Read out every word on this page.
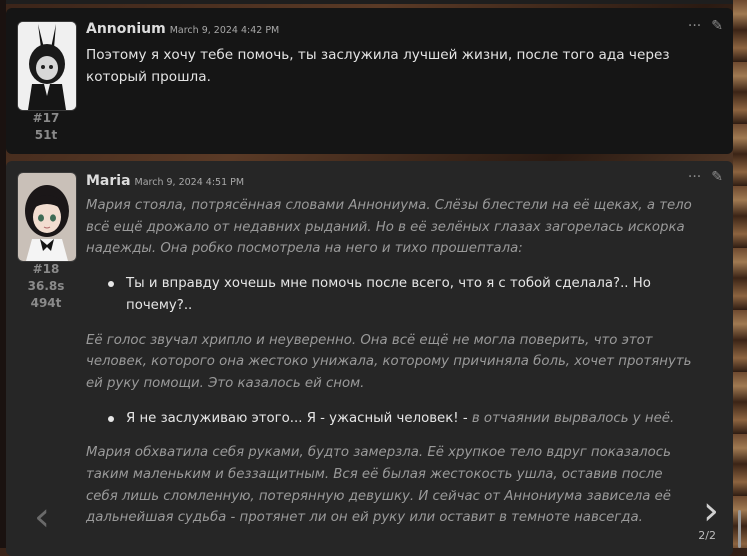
#17
51t
Annonium March 9, 2024 4:42 PM	··· ✎
Поэтому я хочу тебе помочь, ты заслужила лучшей жизни, после того ада через который прошла.
#18
36.8s
494t
Maria March 9, 2024 4:51 PM	··· ✎

Мария стояла, потрясённая словами Аннониума. Слёзы блестели на её щеках, а тело всё ещё дрожало от недавних рыданий. Но в её зелёных глазах загорелась искорка надежды. Она робко посмотрела на него и тихо прошептала:

Ты и вправду хочешь мне помочь после всего, что я с тобой сделала?.. Но почему?..

Её голос звучал хрипло и неуверенно. Она всё ещё не могла поверить, что этот человек, которого она жестоко унижала, которому причиняла боль, хочет протянуть ей руку помощи. Это казалось ей сном.

Я не заслуживаю этого... Я - ужасный человек! - в отчаянии вырвалось у неё.

Мария обхватила себя руками, будто замерзла. Её хрупкое тело вдруг показалось таким маленьким и беззащитным. Вся её былая жестокость ушла, оставив после себя лишь сломленную, потерянную девушку. И сейчас от Аннониума зависела её дальнейшая судьба - протянет ли он ей руку или оставит в темноте навсегда.

‹	›
2/2
